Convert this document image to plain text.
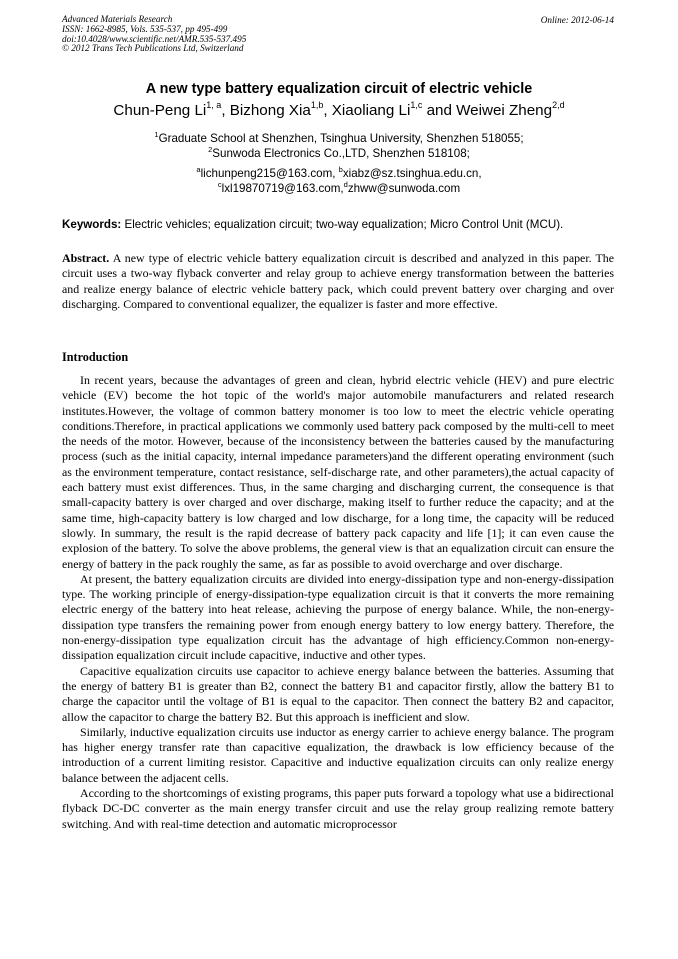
Advanced Materials Research
ISSN: 1662-8985, Vols. 535-537, pp 495-499
doi:10.4028/www.scientific.net/AMR.535-537.495
© 2012 Trans Tech Publications Ltd, Switzerland
Online: 2012-06-14
A new type battery equalization circuit of electric vehicle
Chun-Peng Li$^{1, a}$, Bizhong Xia$^{1,b}$, Xiaoliang Li$^{1,c}$ and Weiwei Zheng$^{2,d}$
$^1$Graduate School at Shenzhen, Tsinghua University, Shenzhen 518055;
$^2$Sunwoda Electronics Co.,LTD, Shenzhen 518108;
$^a$lichunpeng215@163.com, $^b$xiabz@sz.tsinghua.edu.cn,
$^c$lxl19870719@163.com,$^d$zhww@sunwoda.com
Keywords: Electric vehicles; equalization circuit; two-way equalization; Micro Control Unit (MCU).
Abstract. A new type of electric vehicle battery equalization circuit is described and analyzed in this paper. The circuit uses a two-way flyback converter and relay group to achieve energy transformation between the batteries and realize energy balance of electric vehicle battery pack, which could prevent battery over charging and over discharging. Compared to conventional equalizer, the equalizer is faster and more effective.
Introduction

In recent years, because the advantages of green and clean, hybrid electric vehicle (HEV) and pure electric vehicle (EV) become the hot topic of the world's major automobile manufacturers and related research institutes.However, the voltage of common battery monomer is too low to meet the electric vehicle operating conditions.Therefore, in practical applications we commonly used battery pack composed by the multi-cell to meet the needs of the motor. However, because of the inconsistency between the batteries caused by the manufacturing process (such as the initial capacity, internal impedance parameters)and the different operating environment (such as the environment temperature, contact resistance, self-discharge rate, and other parameters),the actual capacity of each battery must exist differences. Thus, in the same charging and discharging current, the consequence is that small-capacity battery is over charged and over discharge, making itself to further reduce the capacity; and at the same time, high-capacity battery is low charged and low discharge, for a long time, the capacity will be reduced slowly. In summary, the result is the rapid decrease of battery pack capacity and life [1]; it can even cause the explosion of the battery. To solve the above problems, the general view is that an equalization circuit can ensure the energy of battery in the pack roughly the same, as far as possible to avoid overcharge and over discharge.

At present, the battery equalization circuits are divided into energy-dissipation type and non-energy-dissipation type. The working principle of energy-dissipation-type equalization circuit is that it converts the more remaining electric energy of the battery into heat release, achieving the purpose of energy balance. While, the non-energy-dissipation type transfers the remaining power from enough energy battery to low energy battery. Therefore, the non-energy-dissipation type equalization circuit has the advantage of high efficiency.Common non-energy-dissipation equalization circuit include capacitive, inductive and other types.

Capacitive equalization circuits use capacitor to achieve energy balance between the batteries. Assuming that the energy of battery B1 is greater than B2, connect the battery B1 and capacitor firstly, allow the battery B1 to charge the capacitor until the voltage of B1 is equal to the capacitor. Then connect the battery B2 and capacitor, allow the capacitor to charge the battery B2. But this approach is inefficient and slow.

Similarly, inductive equalization circuits use inductor as energy carrier to achieve energy balance. The program has higher energy transfer rate than capacitive equalization, the drawback is low efficiency because of the introduction of a current limiting resistor. Capacitive and inductive equalization circuits can only realize energy balance between the adjacent cells.

According to the shortcomings of existing programs, this paper puts forward a topology what use a bidirectional flyback DC-DC converter as the main energy transfer circuit and use the relay group realizing remote battery switching. And with real-time detection and automatic microprocessor
